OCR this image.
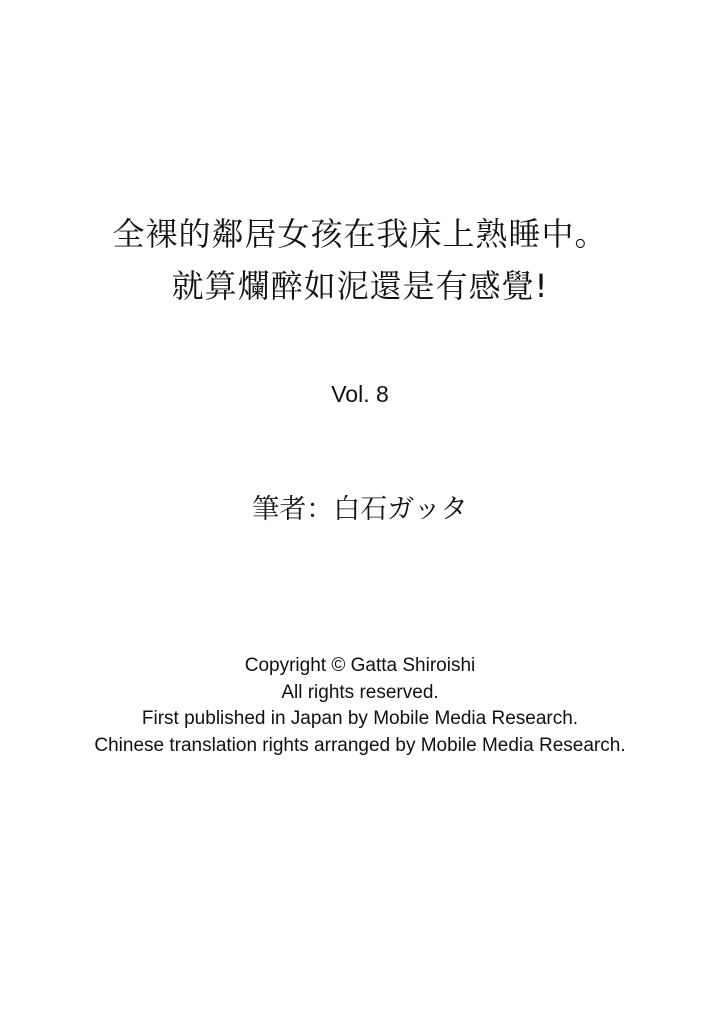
全裸的鄰居女孩在我床上熟睡中。
就算爛醉如泥還是有感覺!
Vol. 8
筆者：白石ガッタ
Copyright © Gatta Shiroishi
All rights reserved.
First published in Japan by Mobile Media Research.
Chinese translation rights arranged by Mobile Media Research.
